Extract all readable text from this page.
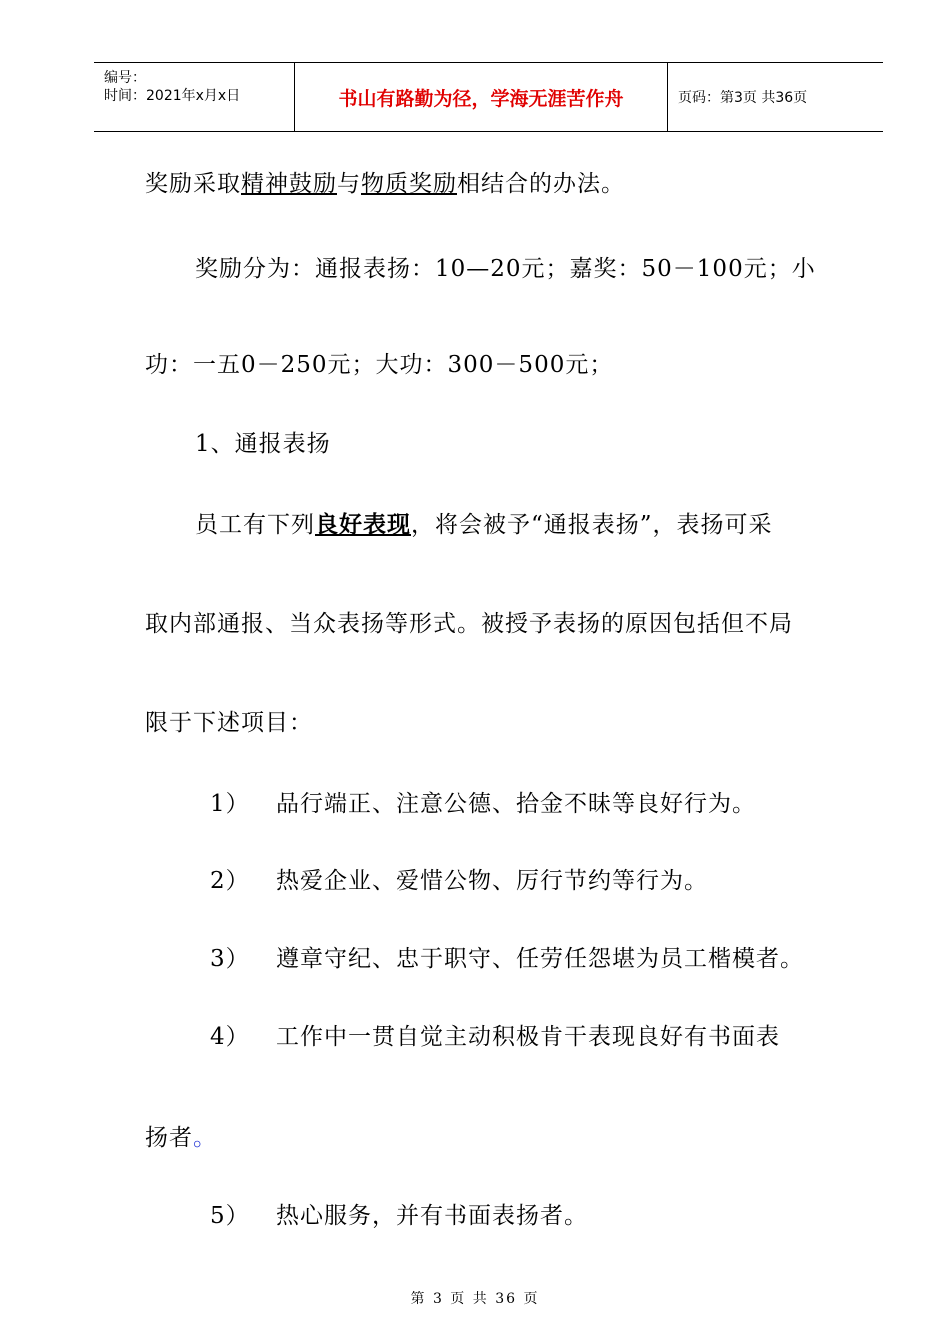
编号：
时间：2021年x月x日	书山有路勤为径，学海无涯苦作舟	页码：第3页 共36页
奖励采取精神鼓励与物质奖励相结合的办法。
奖励分为：通报表扬：10—20元；嘉奖：50－100元；小
功：一五0－250元；大功：300－500元；
1、通报表扬
员工有下列良好表现，将会被予“通报表扬”，表扬可采
取内部通报、当众表扬等形式。被授予表扬的原因包括但不局
限于下述项目：
1） 品行端正、注意公德、拾金不昧等良好行为。
2） 热爱企业、爱惜公物、厉行节约等行为。
3） 遵章守纪、忠于职守、任劳任怨堪为员工楷模者。
4） 工作中一贯自觉主动积极肯干表现良好有书面表
扬者。
5） 热心服务，并有书面表扬者。
第 3 页 共 36 页
